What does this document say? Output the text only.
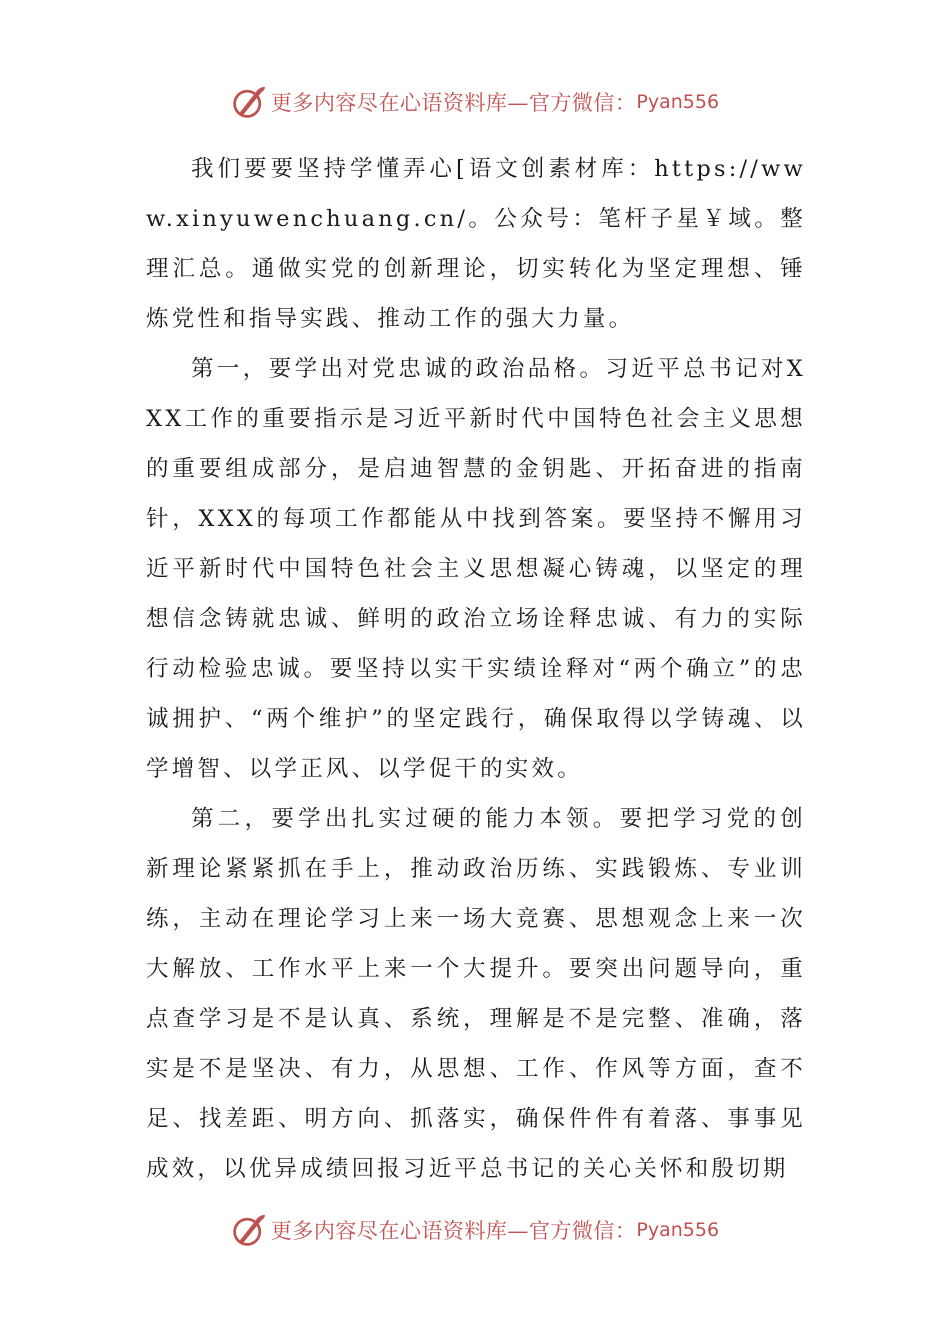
更多内容尽在心语资料库—官方微信： Pyan556

我们要要坚持学懂弄心[语文创素材库：https://www.xinyuwenchuang.cn/。公众号：笔杆子星￥域。整理汇总。通做实党的创新理论，切实转化为坚定理想、锤炼党性和指导实践、推动工作的强大力量。

第一，要学出对党忠诚的政治品格。习近平总书记对XXX工作的重要指示是习近平新时代中国特色社会主义思想的重要组成部分，是启迪智慧的金钥匙、开拓奋进的指南针，XXX的每项工作都能从中找到答案。要坚持不懈用习近平新时代中国特色社会主义思想凝心铸魂，以坚定的理想信念铸就忠诚、鲜明的政治立场诠释忠诚、有力的实际行动检验忠诚。要坚持以实干实绩诠释对“两个确立”的忠诚拥护、“两个维护”的坚定践行，确保取得以学铸魂、以学增智、以学正风、以学促干的实效。

第二，要学出扎实过硬的能力本领。要把学习党的创新理论紧紧抓在手上，推动政治历练、实践锻炼、专业训练，主动在理论学习上来一场大竞赛、思想观念上来一次大解放、工作水平上来一个大提升。要突出问题导向，重点查学习是不是认真、系统，理解是不是完整、准确，落实是不是坚决、有力，从思想、工作、作风等方面，查不足、找差距、明方向、抓落实，确保件件有着落、事事见成效，以优异成绩回报习近平总书记的关心关怀和殷切期

更多内容尽在心语资料库—官方微信： Pyan556
